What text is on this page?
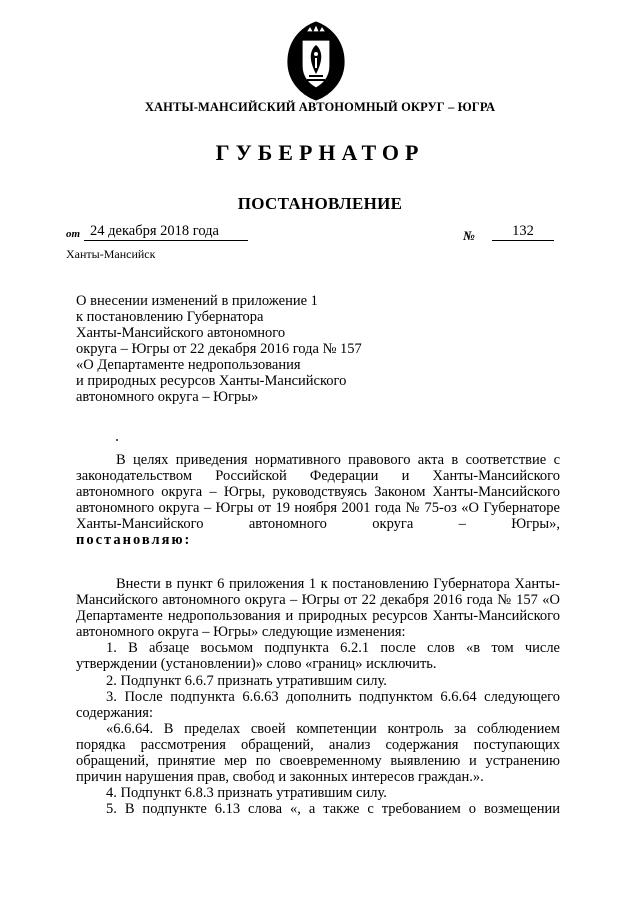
ХАНТЫ-МАНСИЙСКИЙ АВТОНОМНЫЙ ОКРУГ – ЮГРА
ГУБЕРНАТОР
ПОСТАНОВЛЕНИЕ
от 24 декабря 2018 года	№	132
Ханты-Мансийск
О внесении изменений в приложение 1
к постановлению Губернатора
Ханты-Мансийского автономного
округа – Югры от 22 декабря 2016 года № 157
«О Департаменте недропользования
и природных ресурсов Ханты-Мансийского
автономного округа – Югры»
В целях приведения нормативного правового акта в соответствие с законодательством Российской Федерации и Ханты-Мансийского автономного округа – Югры, руководствуясь Законом Ханты-Мансийского автономного округа – Югры от 19 ноября 2001 года № 75-оз «О Губернаторе Ханты-Мансийского автономного округа – Югры»,
постановляю:
Внести в пункт 6 приложения 1 к постановлению Губернатора Ханты-Мансийского автономного округа – Югры от 22 декабря 2016 года № 157 «О Департаменте недропользования и природных ресурсов Ханты-Мансийского автономного округа – Югры» следующие изменения:
1. В абзаце восьмом подпункта 6.2.1 после слов «в том числе утверждении (установлении)» слово «границ» исключить.
2. Подпункт 6.6.7 признать утратившим силу.
3. После подпункта 6.6.63 дополнить подпунктом 6.6.64 следующего содержания:
«6.6.64. В пределах своей компетенции контроль за соблюдением порядка рассмотрения обращений, анализ содержания поступающих обращений, принятие мер по своевременному выявлению и устранению причин нарушения прав, свобод и законных интересов граждан.».
4. Подпункт 6.8.3 признать утратившим силу.
5. В подпункте 6.13 слова «, а также с требованием о возмещении
